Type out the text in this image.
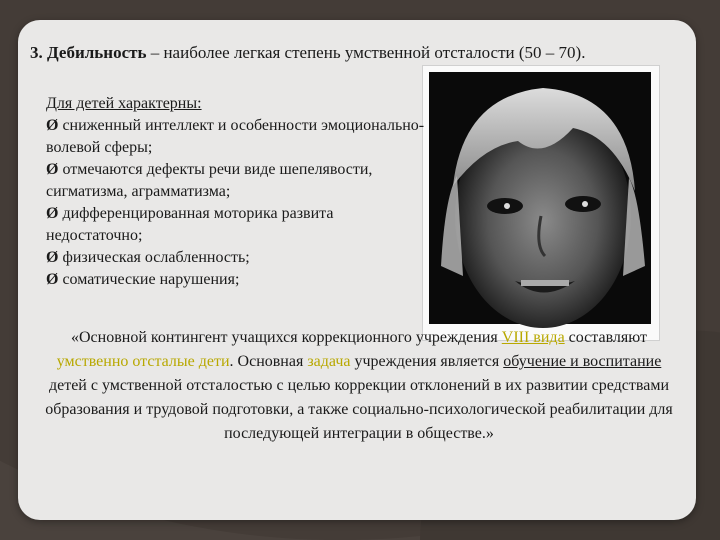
3. Дебильность – наиболее легкая степень умственной отсталости (50 – 70).
Для детей характерны:
Ø сниженный интеллект и особенности эмоционально-волевой сферы;
Ø отмечаются дефекты речи виде шепелявости, сигматизма, аграмматизма;
Ø дифференцированная моторика развита недостаточно;
Ø физическая ослабленность;
Ø соматические нарушения;
«Основной контингент учащихся коррекционного учреждения VIII вида составляют умственно отсталые дети. Основная задача учреждения является обучение и воспитание детей с умственной отсталостью с целью коррекции отклонений в их развитии средствами образования и трудовой подготовки, а также социально-психологической реабилитации для последующей интеграции в обществе.»
